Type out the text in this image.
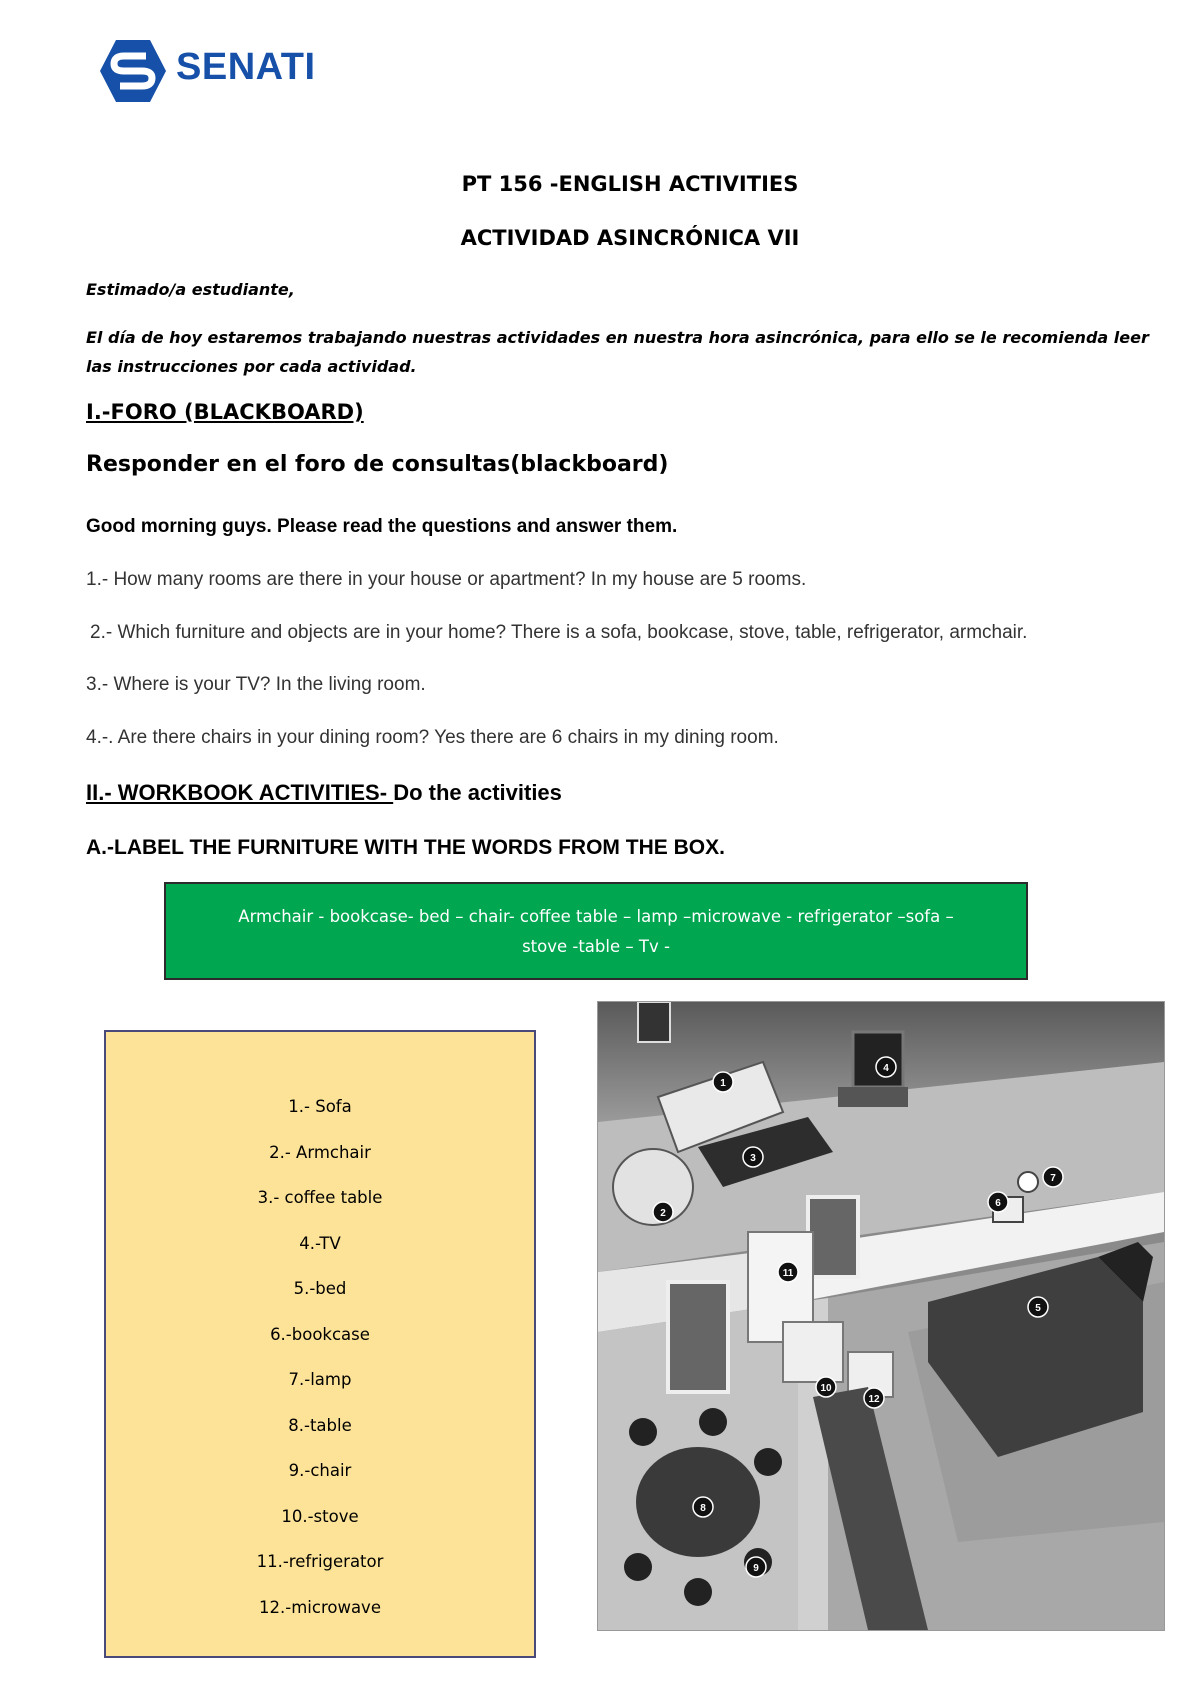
SENATI
PT 156 -ENGLISH ACTIVITIES
ACTIVIDAD ASINCRÓNICA VII
Estimado/a estudiante,
El día de hoy estaremos trabajando nuestras actividades en nuestra hora asincrónica, para ello se le recomienda leer las instrucciones por cada actividad.
I.-FORO (BLACKBOARD)
Responder en el foro de consultas(blackboard)
Good morning guys. Please read the questions and answer them.
1.- How many rooms are there in your house or apartment? In my house are 5 rooms.
2.- Which furniture and objects are in your home? There is a sofa, bookcase, stove, table, refrigerator, armchair.
3.- Where is your TV? In the living room.
4.-. Are there chairs in your dining room? Yes there are 6 chairs in my dining room.
II.- WORKBOOK ACTIVITIES- Do the activities
A.-LABEL THE FURNITURE WITH THE WORDS FROM THE BOX.
Armchair - bookcase- bed – chair- coffee table – lamp –microwave - refrigerator –sofa –
stove -table – Tv -
1.- Sofa
2.- Armchair
3.- coffee table
4.-TV
5.-bed
6.-bookcase
7.-lamp
8.-table
9.-chair
10.-stove
11.-refrigerator
12.-microwave
1
2
3
4
5
6
7
8
9
10
11
12
